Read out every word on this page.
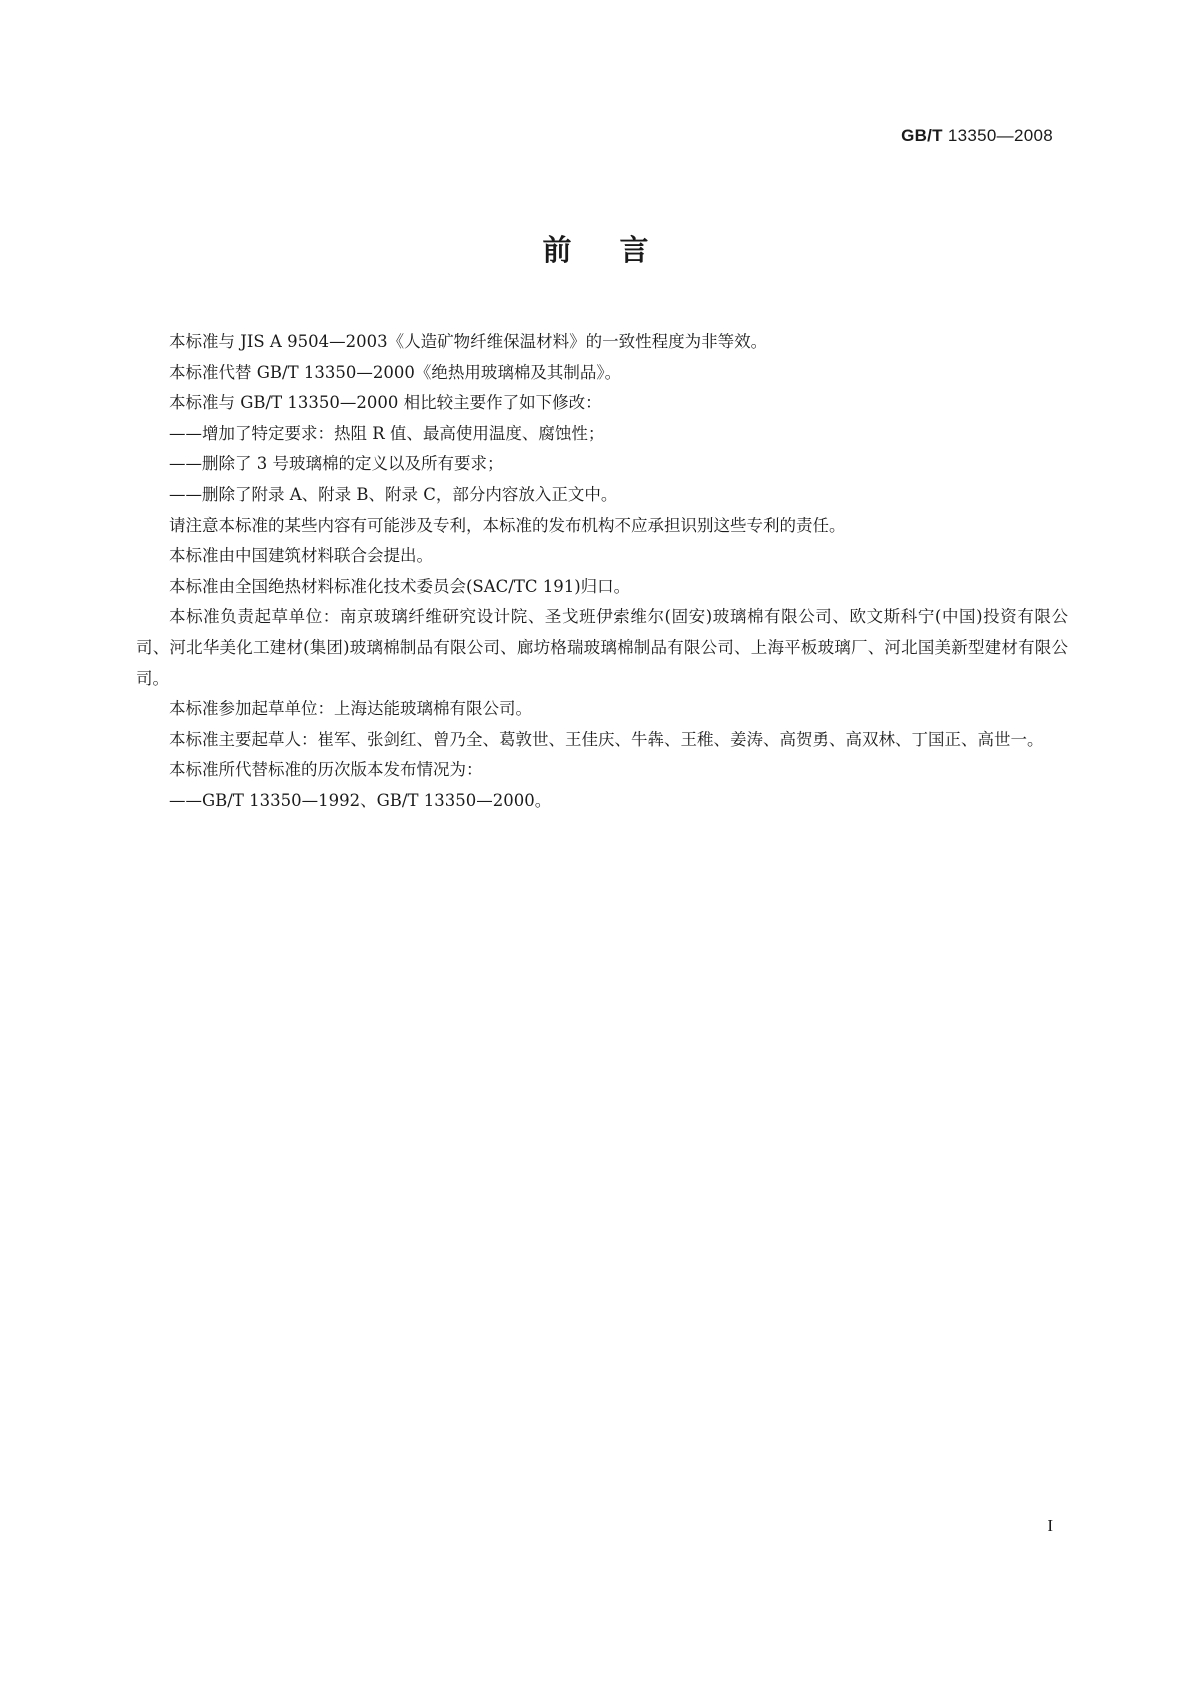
GB/T 13350—2008
前言

本标准与 JIS A 9504—2003《人造矿物纤维保温材料》的一致性程度为非等效。

本标准代替 GB/T 13350—2000《绝热用玻璃棉及其制品》。

本标准与 GB/T 13350—2000 相比较主要作了如下修改：

——增加了特定要求：热阻 R 值、最高使用温度、腐蚀性；

——删除了 3 号玻璃棉的定义以及所有要求；

——删除了附录 A、附录 B、附录 C，部分内容放入正文中。

请注意本标准的某些内容有可能涉及专利，本标准的发布机构不应承担识别这些专利的责任。

本标准由中国建筑材料联合会提出。

本标准由全国绝热材料标准化技术委员会(SAC/TC 191)归口。

本标准负责起草单位：南京玻璃纤维研究设计院、圣戈班伊索维尔(固安)玻璃棉有限公司、欧文斯科宁(中国)投资有限公司、河北华美化工建材(集团)玻璃棉制品有限公司、廊坊格瑞玻璃棉制品有限公司、上海平板玻璃厂、河北国美新型建材有限公司。

本标准参加起草单位：上海达能玻璃棉有限公司。

本标准主要起草人：崔军、张剑红、曾乃全、葛敦世、王佳庆、牛犇、王稚、姜涛、高贺勇、高双林、丁国正、高世一。

本标准所代替标准的历次版本发布情况为：

——GB/T 13350—1992、GB/T 13350—2000。

I
